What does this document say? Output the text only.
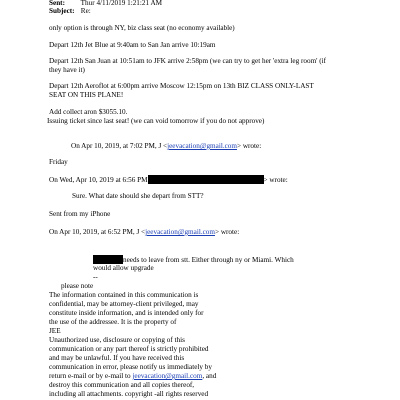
Sent: Thur 4/11/2019 1:21:21 AM

Subject: Re:

only option is through NY, biz class seat (no economy available)

Depart 12th Jet Blue at 9:40am to San Jan arrive 10:19am

Depart 12th San Juan at 10:51am to JFK arrive 2:58pm (we can try to get her 'extra leg room' (if

they have it)

Depart 12th Aeroflot at 6:00pm arrive Moscow 12:15pm on 13th BIZ CLASS ONLY-LAST

SEAT ON THIS PLANE!

Add collect aron $3055.10.

Issuing ticket since last seat! (we can void tomorrow if you do not approve)

On Apr 10, 2019, at 7:02 PM, J <jeevacation@gmail.com> wrote:

Friday

On Wed, Apr 10, 2019 at 6:56 PM	> wrote:

Sure. What date should she depart from STT?

Sent from my iPhone

On Apr 10, 2019, at 6:52 PM, J <jeevacation@gmail.com> wrote:

needs to leave from stt. Either through ny or Miami. Which

would allow upgrade

--

please note

The information contained in this communication is

confidential, may be attorney-client privileged, may

constitute inside information, and is intended only for

the use of the addressee. It is the property of

JEE

Unauthorized use, disclosure or copying of this

communication or any part thereof is strictly prohibited

and may be unlawful. If you have received this

communication in error, please notify us immediately by

return e-mail or by e-mail to jeevacation@gmail.com, and

destroy this communication and all copies thereof,

including all attachments. copyright -all rights reserved
